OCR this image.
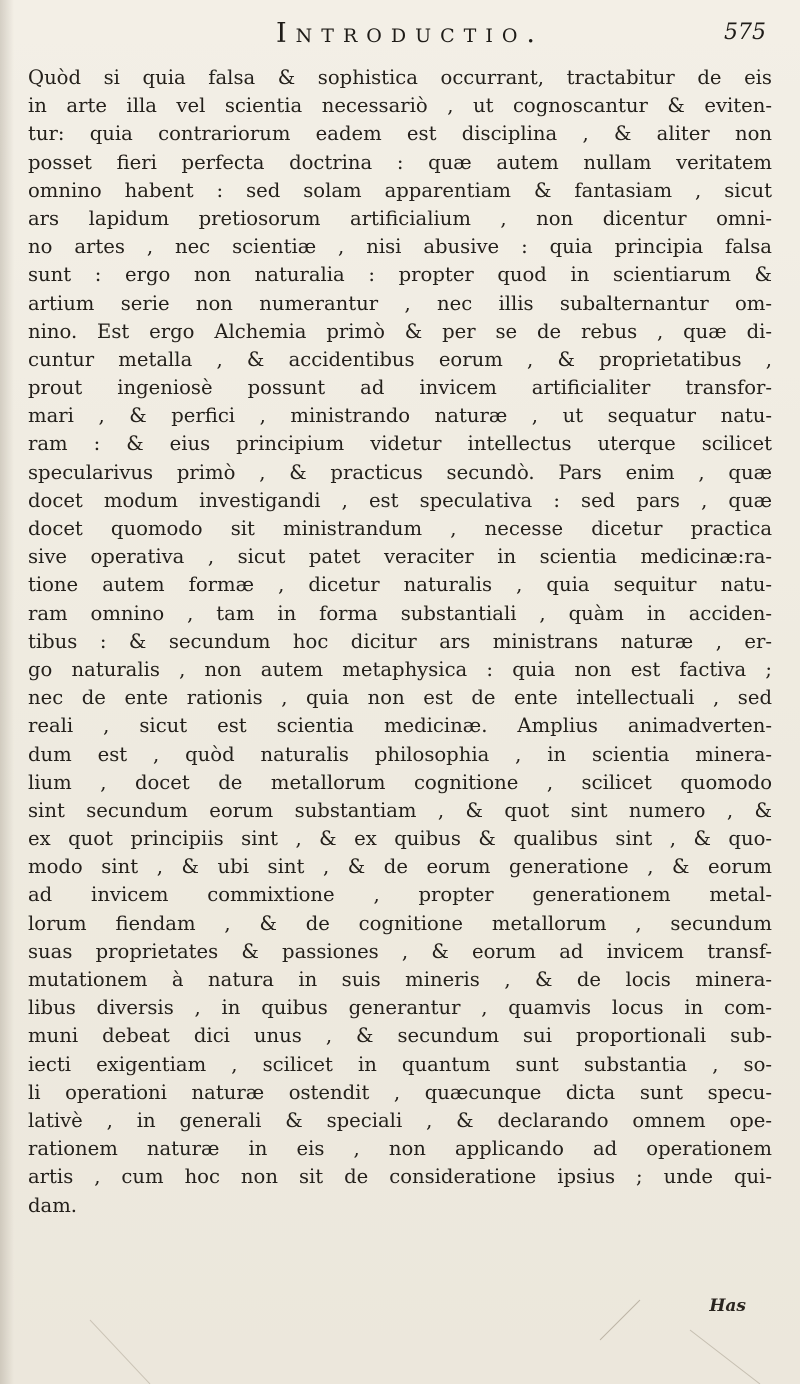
Introductio.	575
Quòd si quia falsa & sophistica occurrant, tractabitur de eis
in arte illa vel scientia necessariò , ut cognoscantur & eviten-
tur: quia contrariorum eadem est disciplina , & aliter non
posset fieri perfecta doctrina : quæ autem nullam veritatem
omnino habent : sed solam apparentiam & fantasiam , sicut
ars lapidum pretiosorum artificialium , non dicentur omni-
no artes , nec scientiæ , nisi abusive : quia principia falsa
sunt : ergo non naturalia : propter quod in scientiarum &
artium serie non numerantur , nec illis subalternantur om-
nino. Est ergo Alchemia primò & per se de rebus , quæ di-
cuntur metalla , & accidentibus eorum , & proprietatibus ,
prout ingeniosè possunt ad invicem artificialiter transfor-
mari , & perfici , ministrando naturæ , ut sequatur natu-
ram : & eius principium videtur intellectus uterque scilicet
specularivus primò , & practicus secundò. Pars enim , quæ
docet modum investigandi , est speculativa : sed pars , quæ
docet quomodo sit ministrandum , necesse dicetur practica
sive operativa , sicut patet veraciter in scientia medicinæ:ra-
tione autem formæ , dicetur naturalis , quia sequitur natu-
ram omnino , tam in forma substantiali , quàm in acciden-
tibus : & secundum hoc dicitur ars ministrans naturæ , er-
go naturalis , non autem metaphysica : quia non est factiva ;
nec de ente rationis , quia non est de ente intellectuali , sed
reali , sicut est scientia medicinæ. Amplius animadverten-
dum est , quòd naturalis philosophia , in scientia minera-
lium , docet de metallorum cognitione , scilicet quomodo
sint secundum eorum substantiam , & quot sint numero , &
ex quot principiis sint , & ex quibus & qualibus sint , & quo-
modo sint , & ubi sint , & de eorum generatione , & eorum
ad invicem commixtione , propter generationem metal-
lorum fiendam , & de cognitione metallorum , secundum
suas proprietates & passiones , & eorum ad invicem transf-
mutationem à natura in suis mineris , & de locis minera-
libus diversis , in quibus generantur , quamvis locus in com-
muni debeat dici unus , & secundum sui proportionali sub-
iecti exigentiam , scilicet in quantum sunt substantia , so-
li operationi naturæ ostendit , quæcunque dicta sunt specu-
lativè , in generali & speciali , & declarando omnem ope-
rationem naturæ in eis , non applicando ad operationem
artis , cum hoc non sit de consideratione ipsius ; unde qui-
dam.
Has
